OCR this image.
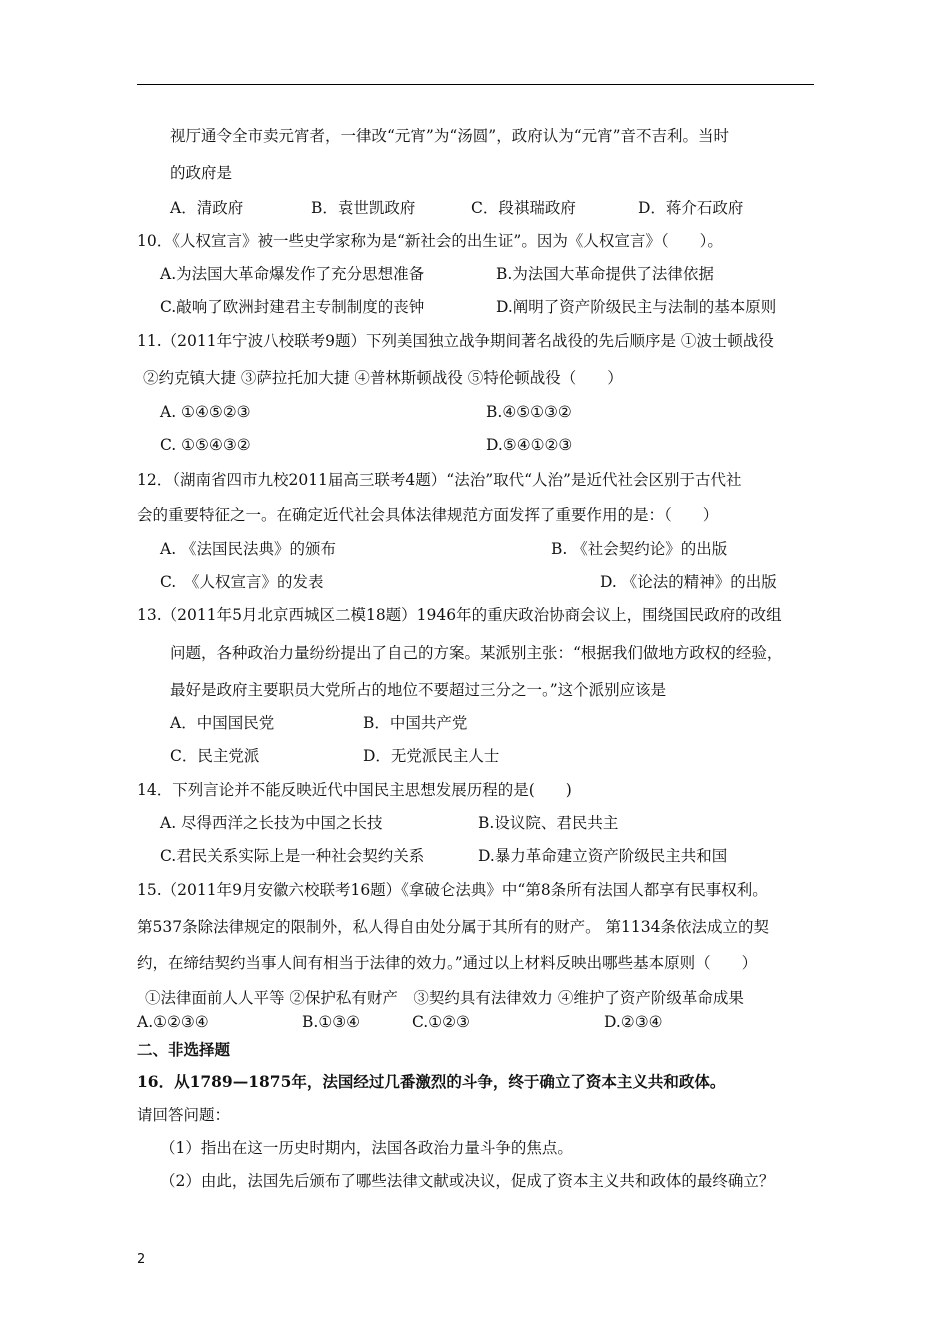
视厅通令全市卖元宵者，一律改“元宵”为“汤圆”，政府认为“元宵”音不吉利。当时
的政府是
A．清政府	B．袁世凯政府	C．段祺瑞政府	D．蒋介石政府
10．《人权宣言》被一些史学家称为是“新社会的出生证”。因为《人权宣言》（　　）。
A.为法国大革命爆发作了充分思想准备	B.为法国大革命提供了法律依据
C.敲响了欧洲封建君主专制制度的丧钟	D.阐明了资产阶级民主与法制的基本原则
11.（2011年宁波八校联考9题）下列美国独立战争期间著名战役的先后顺序是 ①波士顿战役
②约克镇大捷 ③萨拉托加大捷 ④普林斯顿战役 ⑤特伦顿战役（　　）
A. ①④⑤②③	B.④⑤①③②
C. ①⑤④③②	D.⑤④①②③
12．（湖南省四市九校2011届高三联考4题）“法治”取代“人治”是近代社会区别于古代社
会的重要特征之一。在确定近代社会具体法律规范方面发挥了重要作用的是：（　　）
A. 《法国民法典》的颁布	B. 《社会契约论》的出版
C.　《人权宣言》的发表	D. 《论法的精神》的出版
13.（2011年5月北京西城区二模18题）1946年的重庆政治协商会议上，围绕国民政府的改组
问题，各种政治力量纷纷提出了自己的方案。某派别主张：“根据我们做地方政权的经验，
最好是政府主要职员大党所占的地位不要超过三分之一。”这个派别应该是
A．中国国民党	B．中国共产党
C．民主党派	D．无党派民主人士
14．下列言论并不能反映近代中国民主思想发展历程的是(　　)
A. 尽得西洋之长技为中国之长技	B.设议院、君民共主
C.君民关系实际上是一种社会契约关系	D.暴力革命建立资产阶级民主共和国
15.（2011年9月安徽六校联考16题）《拿破仑法典》中“第8条所有法国人都享有民事权利。
第537条除法律规定的限制外，私人得自由处分属于其所有的财产。 第1134条依法成立的契
约，在缔结契约当事人间有相当于法律的效力。”通过以上材料反映出哪些基本原则（　　）
①法律面前人人平等 ②保护私有财产　③契约具有法律效力 ④维护了资产阶级革命成果
A.①②③④	B.①③④	C.①②③	D.②③④
二、非选择题
16．从1789—1875年，法国经过几番激烈的斗争，终于确立了资本主义共和政体。
请回答问题：
（1）指出在这一历史时期内，法国各政治力量斗争的焦点。
（2）由此，法国先后颁布了哪些法律文献或决议，促成了资本主义共和政体的最终确立？
2
